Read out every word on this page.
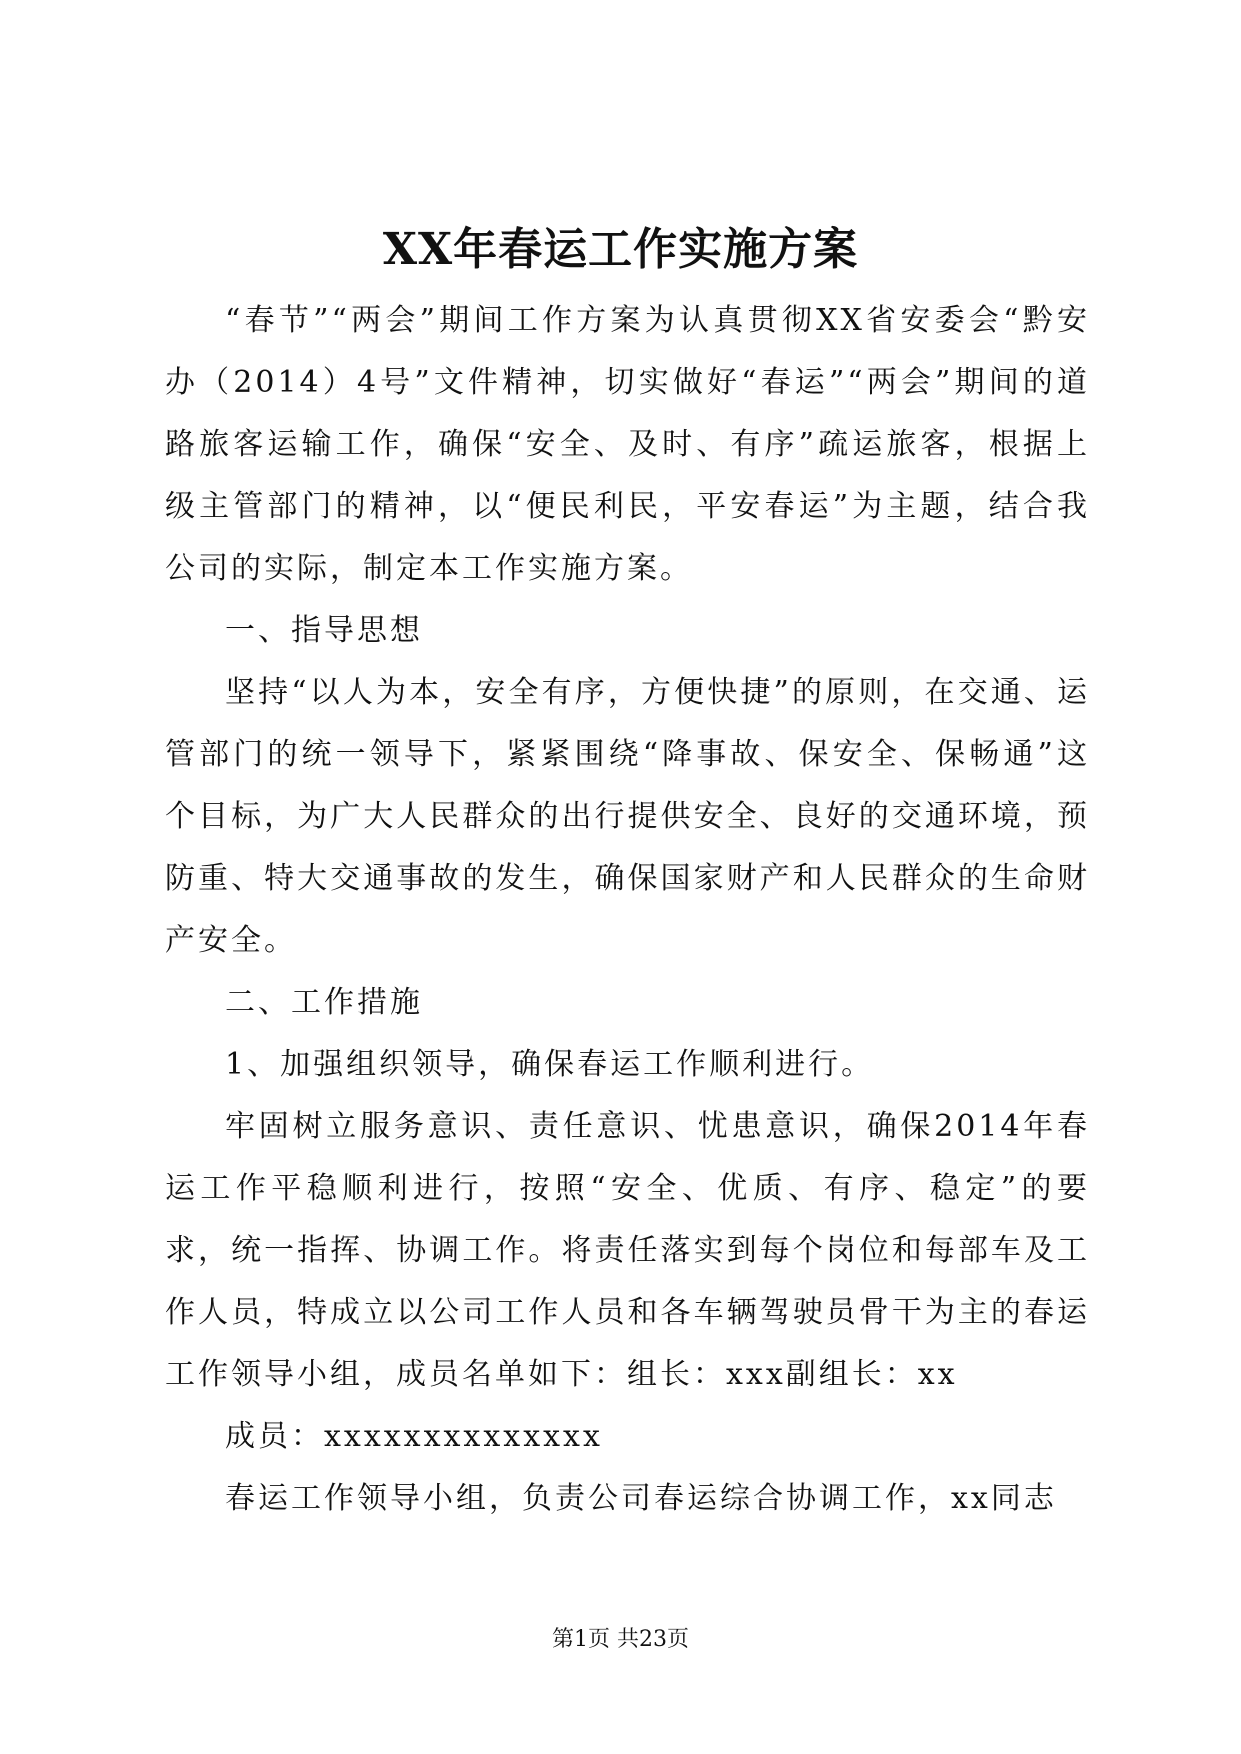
XX年春运工作实施方案

“春节”“两会”期间工作方案为认真贯彻XX省安委会“黔安办（2014）4号”文件精神，切实做好“春运”“两会”期间的道路旅客运输工作，确保“安全、及时、有序”疏运旅客，根据上级主管部门的精神，以“便民利民，平安春运”为主题，结合我公司的实际，制定本工作实施方案。

一、指导思想

坚持“以人为本，安全有序，方便快捷”的原则，在交通、运管部门的统一领导下，紧紧围绕“降事故、保安全、保畅通”这个目标，为广大人民群众的出行提供安全、良好的交通环境，预防重、特大交通事故的发生，确保国家财产和人民群众的生命财产安全。

二、工作措施

1、加强组织领导，确保春运工作顺利进行。

牢固树立服务意识、责任意识、忧患意识，确保2014年春运工作平稳顺利进行，按照“安全、优质、有序、稳定”的要求，统一指挥、协调工作。将责任落实到每个岗位和每部车及工作人员，特成立以公司工作人员和各车辆驾驶员骨干为主的春运工作领导小组，成员名单如下：组长：xxx副组长：xx

成员：xxxxxxxxxxxxxx

春运工作领导小组，负责公司春运综合协调工作，xx同志

第1页 共23页
